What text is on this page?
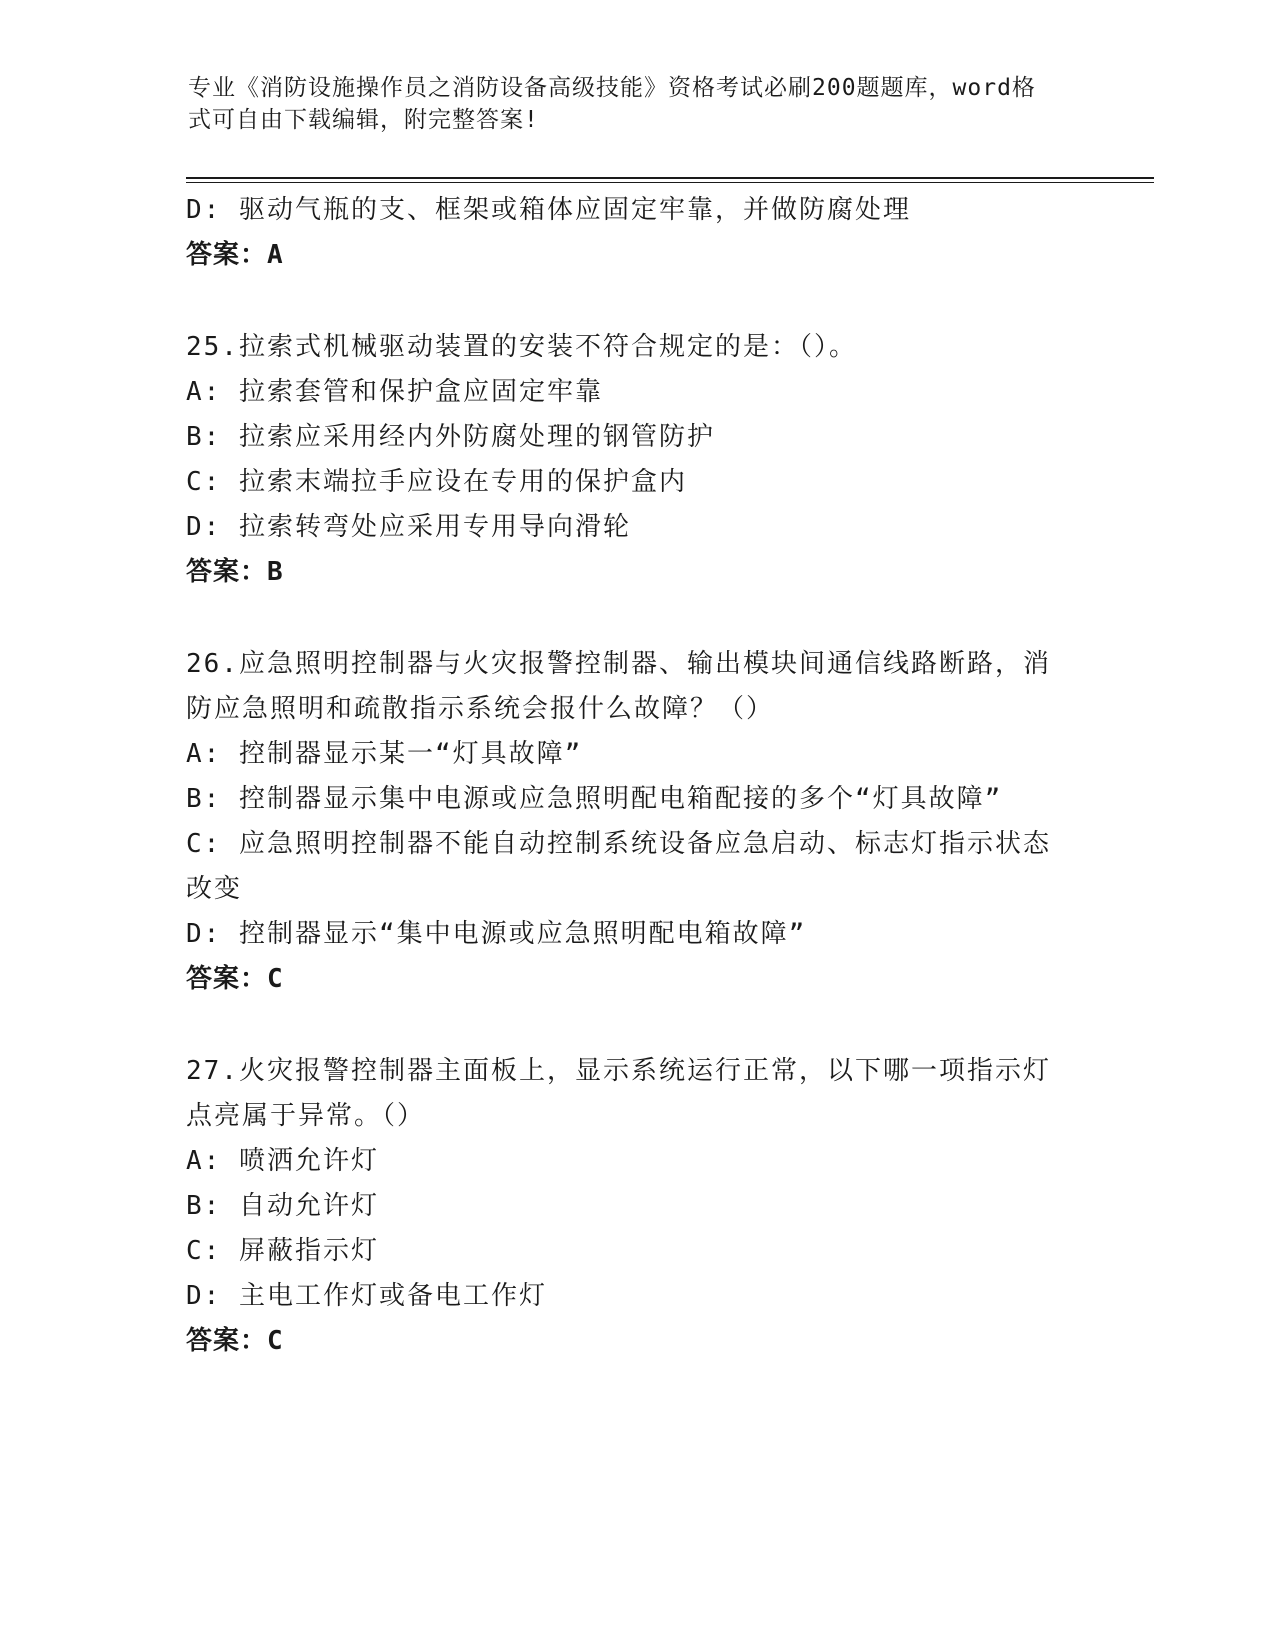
专业《消防设施操作员之消防设备高级技能》资格考试必刷200题题库，word格
式可自由下载编辑，附完整答案!
D: 驱动气瓶的支、框架或箱体应固定牢靠，并做防腐处理
答案：A
25.拉索式机械驱动装置的安装不符合规定的是：（）。
A: 拉索套管和保护盒应固定牢靠
B: 拉索应采用经内外防腐处理的钢管防护
C: 拉索末端拉手应设在专用的保护盒内
D: 拉索转弯处应采用专用导向滑轮
答案：B
26.应急照明控制器与火灾报警控制器、输出模块间通信线路断路，消
防应急照明和疏散指示系统会报什么故障？（）
A: 控制器显示某一“灯具故障”
B: 控制器显示集中电源或应急照明配电箱配接的多个“灯具故障”
C: 应急照明控制器不能自动控制系统设备应急启动、标志灯指示状态
改变
D: 控制器显示“集中电源或应急照明配电箱故障”
答案：C
27.火灾报警控制器主面板上，显示系统运行正常，以下哪一项指示灯
点亮属于异常。（）
A: 喷洒允许灯
B: 自动允许灯
C: 屏蔽指示灯
D: 主电工作灯或备电工作灯
答案：C
